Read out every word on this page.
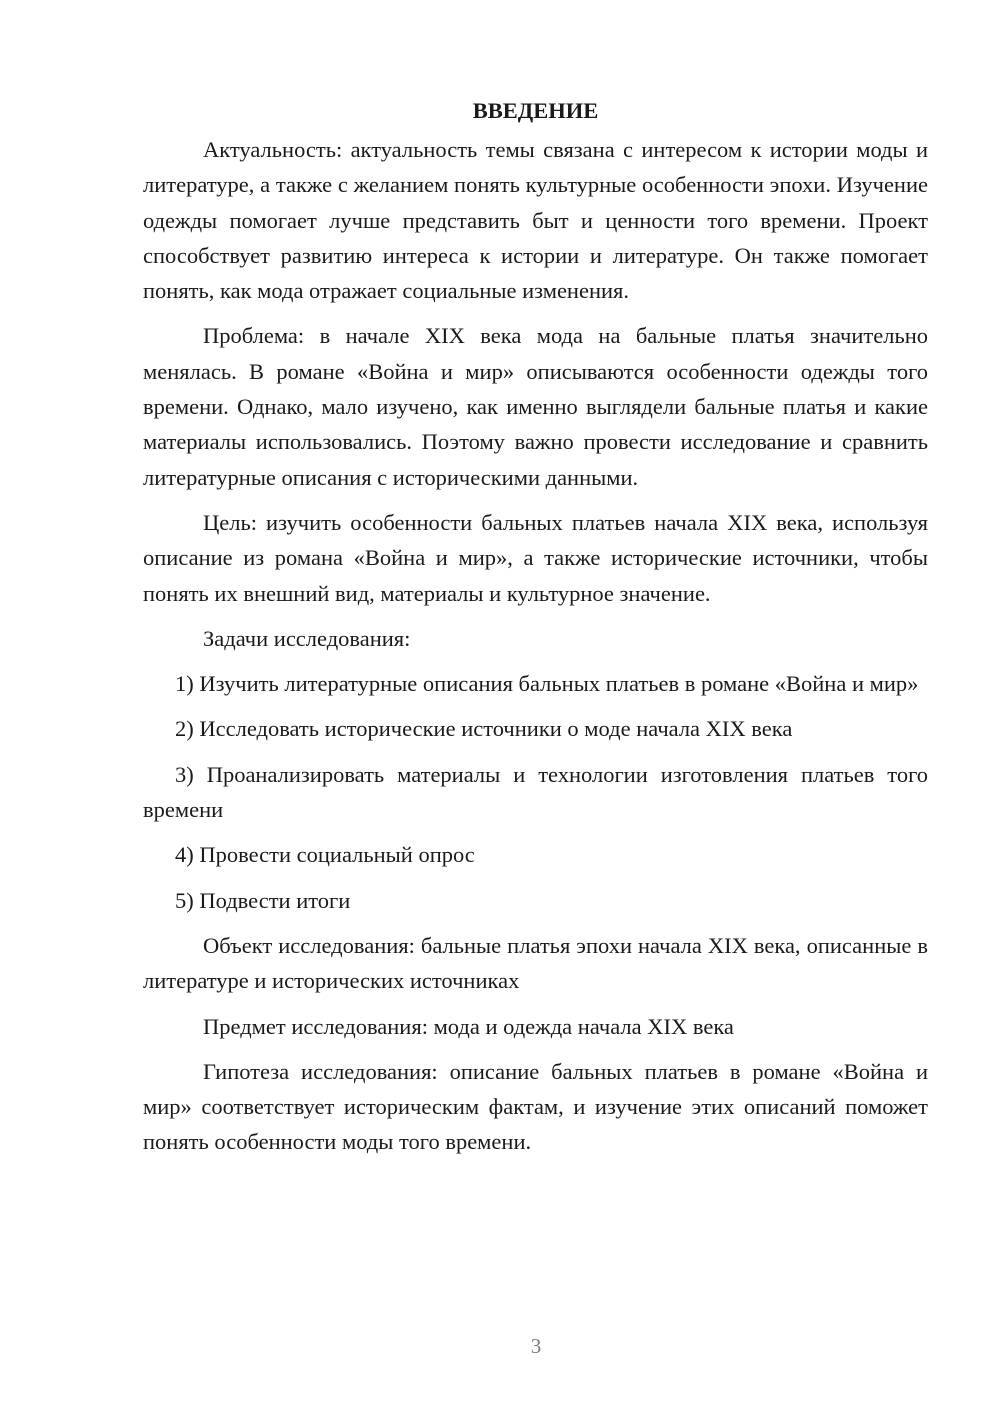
ВВЕДЕНИЕ

Актуальность: актуальность темы связана с интересом к истории моды и литературе, а также с желанием понять культурные особенности эпохи. Изучение одежды помогает лучше представить быт и ценности того времени. Проект способствует развитию интереса к истории и литературе. Он также помогает понять, как мода отражает социальные изменения.

Проблема: в начале XIX века мода на бальные платья значительно менялась. В романе «Война и мир» описываются особенности одежды того времени. Однако, мало изучено, как именно выглядели бальные платья и какие материалы использовались. Поэтому важно провести исследование и сравнить литературные описания с историческими данными.

Цель: изучить особенности бальных платьев начала XIX века, используя описание из романа «Война и мир», а также исторические источники, чтобы понять их внешний вид, материалы и культурное значение.

Задачи исследования:

1) Изучить литературные описания бальных платьев в романе «Война и мир»

2) Исследовать исторические источники о моде начала XIX века

3) Проанализировать материалы и технологии изготовления платьев того времени

4) Провести социальный опрос

5) Подвести итоги

Объект исследования: бальные платья эпохи начала XIX века, описанные в литературе и исторических источниках

Предмет исследования: мода и одежда начала XIX века

Гипотеза исследования: описание бальных платьев в романе «Война и мир» соответствует историческим фактам, и изучение этих описаний поможет понять особенности моды того времени.

3
